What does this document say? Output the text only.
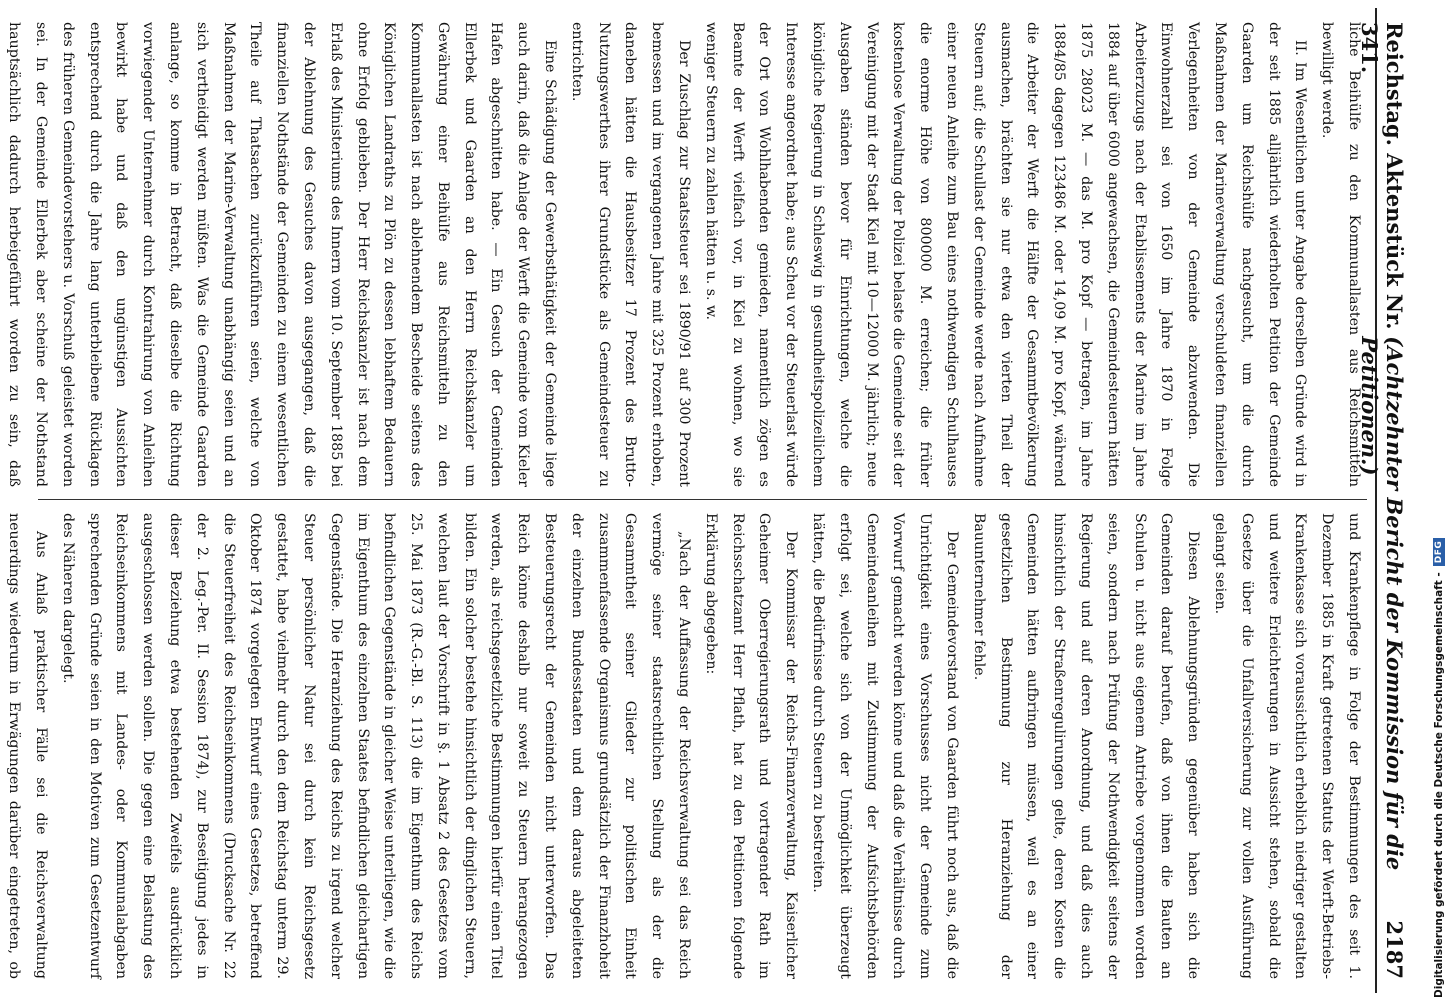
Reichstag. Aktenstück Nr. 341.
(Achtzehnter Bericht der Kommission für die Petitionen.)
2187

liche Beihülfe zu den Kommunallasten aus Reichsmitteln bewilligt werde.

II. Im Wesentlichen unter Angabe derselben Gründe wird in der seit 1885 alljährlich wiederholten Petition der Gemeinde Gaarden um Reichshülfe nachgesucht, um die durch Maßnahmen der Marineverwaltung verschuldeten finanziellen Verlegenheiten von der Gemeinde abzuwenden. Die Einwohnerzahl sei von 1650 im Jahre 1870 in Folge Arbeiterzuzugs nach der Etablissements der Marine im Jahre 1884 auf über 6000 angewachsen, die Gemeindesteuern hätten 1875 28023 M. — das M. pro Kopf — betragen, im Jahre 1884/85 dagegen 123486 M. oder 14,09 M. pro Kopf, während die Arbeiter der Werft die Hälfte der Gesammtbevölkerung ausmachen, brächten sie nur etwa den vierten Theil der Steuern auf; die Schullast der Gemeinde werde nach Aufnahme einer neuen Anleihe zum Bau eines nothwendigen Schulhauses die enorme Höhe von 800000 M. erreichen; die früher kostenlose Verwaltung der Polizei belaste die Gemeinde seit der Vereinigung mit der Stadt Kiel mit 10—12000 M. jährlich; neue Ausgaben ständen bevor für Einrichtungen, welche die königliche Regierung in Schleswig in gesundheitspolizeilichem Interesse angeordnet habe; aus Scheu vor der Steuerlast würde der Ort von Wohlhabenden gemieden, namentlich zögen es Beamte der Werft vielfach vor, in Kiel zu wohnen, wo sie weniger Steuern zu zahlen hätten u. s. w.

Der Zuschlag zur Staatssteuer sei 1890/91 auf 300 Prozent bemessen und im vergangenen Jahre mit 325 Prozent erhoben, daneben hätten die Hausbesitzer 17 Prozent des Brutto-Nutzungswerthes ihrer Grundstücke als Gemeindesteuer zu entrichten.

Eine Schädigung der Gewerbsthätigkeit der Gemeinde liege auch darin, daß die Anlage der Werft die Gemeinde vom Kieler Hafen abgeschnitten habe. — Ein Gesuch der Gemeinden Ellerbek und Gaarden an den Herrn Reichskanzler um Gewährung einer Beihülfe aus Reichsmitteln zu den Kommunallasten ist nach ablehnendem Bescheide seitens des Königlichen Landraths zu Plön zu dessen lebhaftem Bedauern ohne Erfolg geblieben. Der Herr Reichskanzler ist nach dem Erlaß des Ministeriums des Innern vom 10. September 1885 bei der Ablehnung des Gesuches davon ausgegangen, daß die finanziellen Nothstände der Gemeinden zu einem wesentlichen Theile auf Thatsachen zurückzuführen seien, welche von Maßnahmen der Marine-Verwaltung unabhängig seien und an sich vertheidigt werden müßten. Was die Gemeinde Gaarden anlange, so komme in Betracht, daß dieselbe die Richtung vorwiegender Unternehmer durch Kontrahirung von Anleihen bewirkt habe und daß den ungünstigen Aussichten entsprechend durch die Jahre lang unterbleibene Rücklagen des früheren Gemeindevorstehers u. Vorschuß geleistet worden sei. In der Gemeinde Ellerbek aber scheine der Nothstand hauptsächlich dadurch herbeigeführt worden zu sein, daß

und Krankenpflege in Folge der Bestimmungen des seit 1. Dezember 1885 in Kraft getretenen Statuts der Werft-Betriebs-Krankenkasse sich voraussichtlich erheblich niedriger gestalten und weitere Erleichterungen in Aussicht stehen, sobald die Gesetze über die Unfallversicherung zur vollen Ausführung gelangt seien.

Diesen Ablehnungsgründen gegenüber haben sich die Gemeinden darauf berufen, daß von ihnen die Bauten an Schulen u. nicht aus eigenem Antriebe vorgenommen worden seien, sondern nach Prüfung der Nothwendigkeit seitens der Regierung und auf deren Anordnung, und daß dies auch hinsichtlich der Straßenregulirungen gelte, deren Kosten die Gemeinden hätten aufbringen müssen, weil es an einer gesetzlichen Bestimmung zur Heranziehung der Bauunternehmer fehle.

Der Gemeindevorstand von Gaarden führt noch aus, daß die Unrichtigkeit eines Vorschusses nicht der Gemeinde zum Vorwurf gemacht werden könne und daß die Verhältnisse durch Gemeindeanleihen mit Zustimmung der Aufsichtsbehörden erfolgt sei, welche sich von der Unmöglichkeit überzeugt hätten, die Bedürfnisse durch Steuern zu bestreiten.

Der Kommissar der Reichs-Finanzverwaltung, Kaiserlicher Geheimer Oberregierungsrath und vortragender Rath im Reichsschatzamt Herr Pflath, hat zu den Petitionen folgende Erklärung abgegeben:

„Nach der Auffassung der Reichsverwaltung sei das Reich vermöge seiner staatsrechtlichen Stellung als der die Gesammtheit seiner Glieder zur politischen Einheit zusammenfassende Organismus grundsätzlich der Finanzhoheit der einzelnen Bundesstaaten und dem daraus abgeleiteten Besteuerungsrecht der Gemeinden nicht unterworfen. Das Reich könne deshalb nur soweit zu Steuern herangezogen werden, als reichsgesetzliche Bestimmungen hierfür einen Titel bilden. Ein solcher bestehe hinsichtlich der dinglichen Steuern, welchen laut der Vorschrift in §. 1 Absatz 2 des Gesetzes vom 25. Mai 1873 (R.-G.-Bl. S. 113) die im Eigenthum des Reichs befindlichen Gegenstände in gleicher Weise unterliegen, wie die im Eigenthum des einzelnen Staates befindlichen gleichartigen Gegenstände. Die Heranziehung des Reichs zu irgend welcher Steuer persönlicher Natur sei durch kein Reichsgesetz gestattet, habe vielmehr durch den dem Reichstag unterm 29. Oktober 1874 vorgelegten Entwurf eines Gesetzes, betreffend die Steuerfreiheit des Reichseinkommens (Drucksache Nr. 22 der 2. Leg.-Per. II. Session 1874), zur Beseitigung jedes in dieser Beziehung etwa bestehenden Zweifels ausdrücklich ausgeschlossen werden sollen. Die gegen eine Belastung des Reichseinkommens mit Landes- oder Kommunalabgaben sprechenden Gründe seien in den Motiven zum Gesetzentwurf des Näheren dargelegt.

Aus Anlaß praktischer Fälle sei die Reichsverwaltung neuerdings wiederum in Erwägungen darüber eingetreten, ob	Digitalisierung gefördert durch die Deutsche Forschungsgemeinschaft -
DFG
